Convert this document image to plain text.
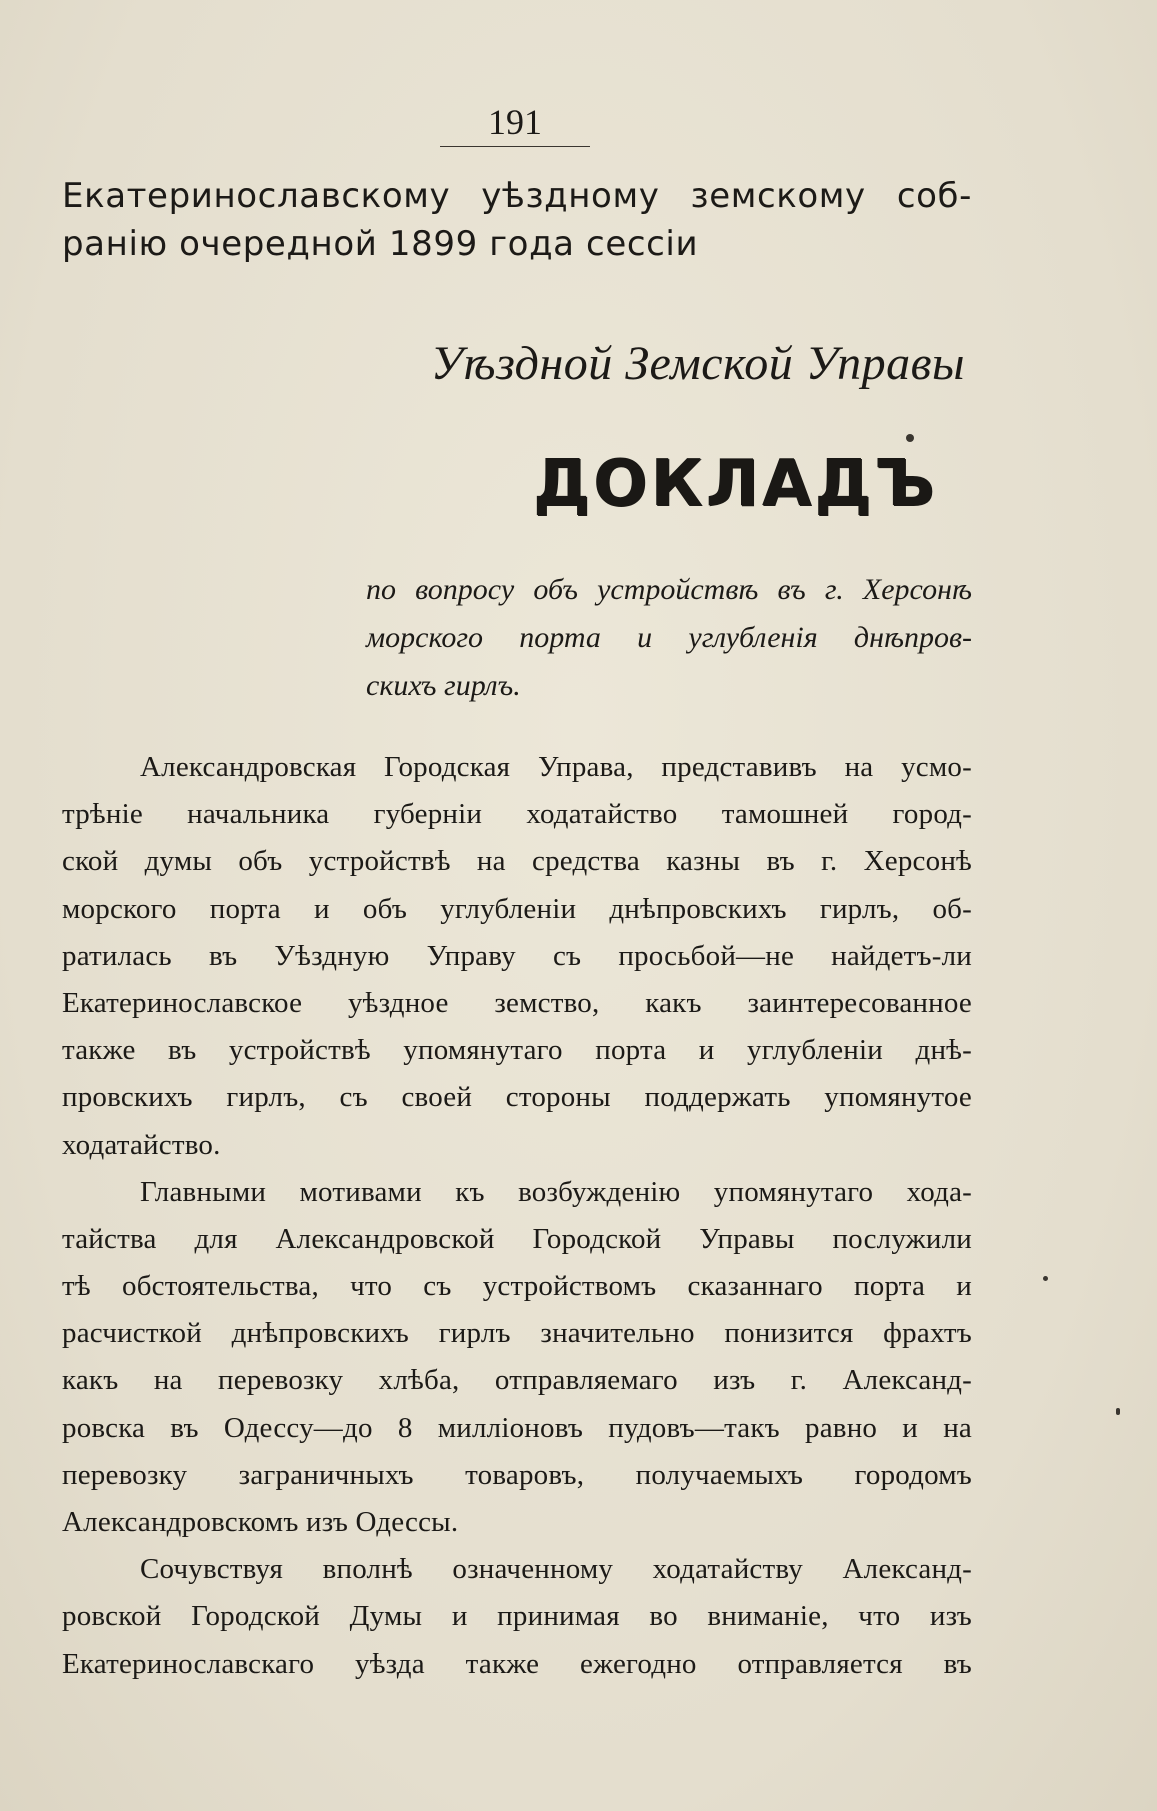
191
Екатеринославскому уѣздному земскому соб-
ранію очередной 1899 года сессіи
Уѣздной Земской Управы
ДОКЛАДЪ
по вопросу объ устройствѣ въ г. Херсонѣ
морского порта и углубленія днѣпров-
скихъ гирлъ.
Александровская Городская Управа, представивъ на усмо-
трѣніе начальника губерніи ходатайство тамошней город-
ской думы объ устройствѣ на средства казны въ г. Херсонѣ
морского порта и объ углубленіи днѣпровскихъ гирлъ, об-
ратилась въ Уѣздную Управу съ просьбой—не найдетъ-ли
Екатеринославское уѣздное земство, какъ заинтересованное
также въ устройствѣ упомянутаго порта и углубленіи днѣ-
провскихъ гирлъ, съ своей стороны поддержать упомянутое
ходатайство.
Главными мотивами къ возбужденію упомянутаго хода-
тайства для Александровской Городской Управы послужили
тѣ обстоятельства, что съ устройствомъ сказаннаго порта и
расчисткой днѣпровскихъ гирлъ значительно понизится фрахтъ
какъ на перевозку хлѣба, отправляемаго изъ г. Александ-
ровска въ Одессу—до 8 милліоновъ пудовъ—такъ равно и на
перевозку заграничныхъ товаровъ, получаемыхъ городомъ
Александровскомъ изъ Одессы.
Сочувствуя вполнѣ означенному ходатайству Александ-
ровской Городской Думы и принимая во вниманіе, что изъ
Екатеринославскаго уѣзда также ежегодно отправляется въ
